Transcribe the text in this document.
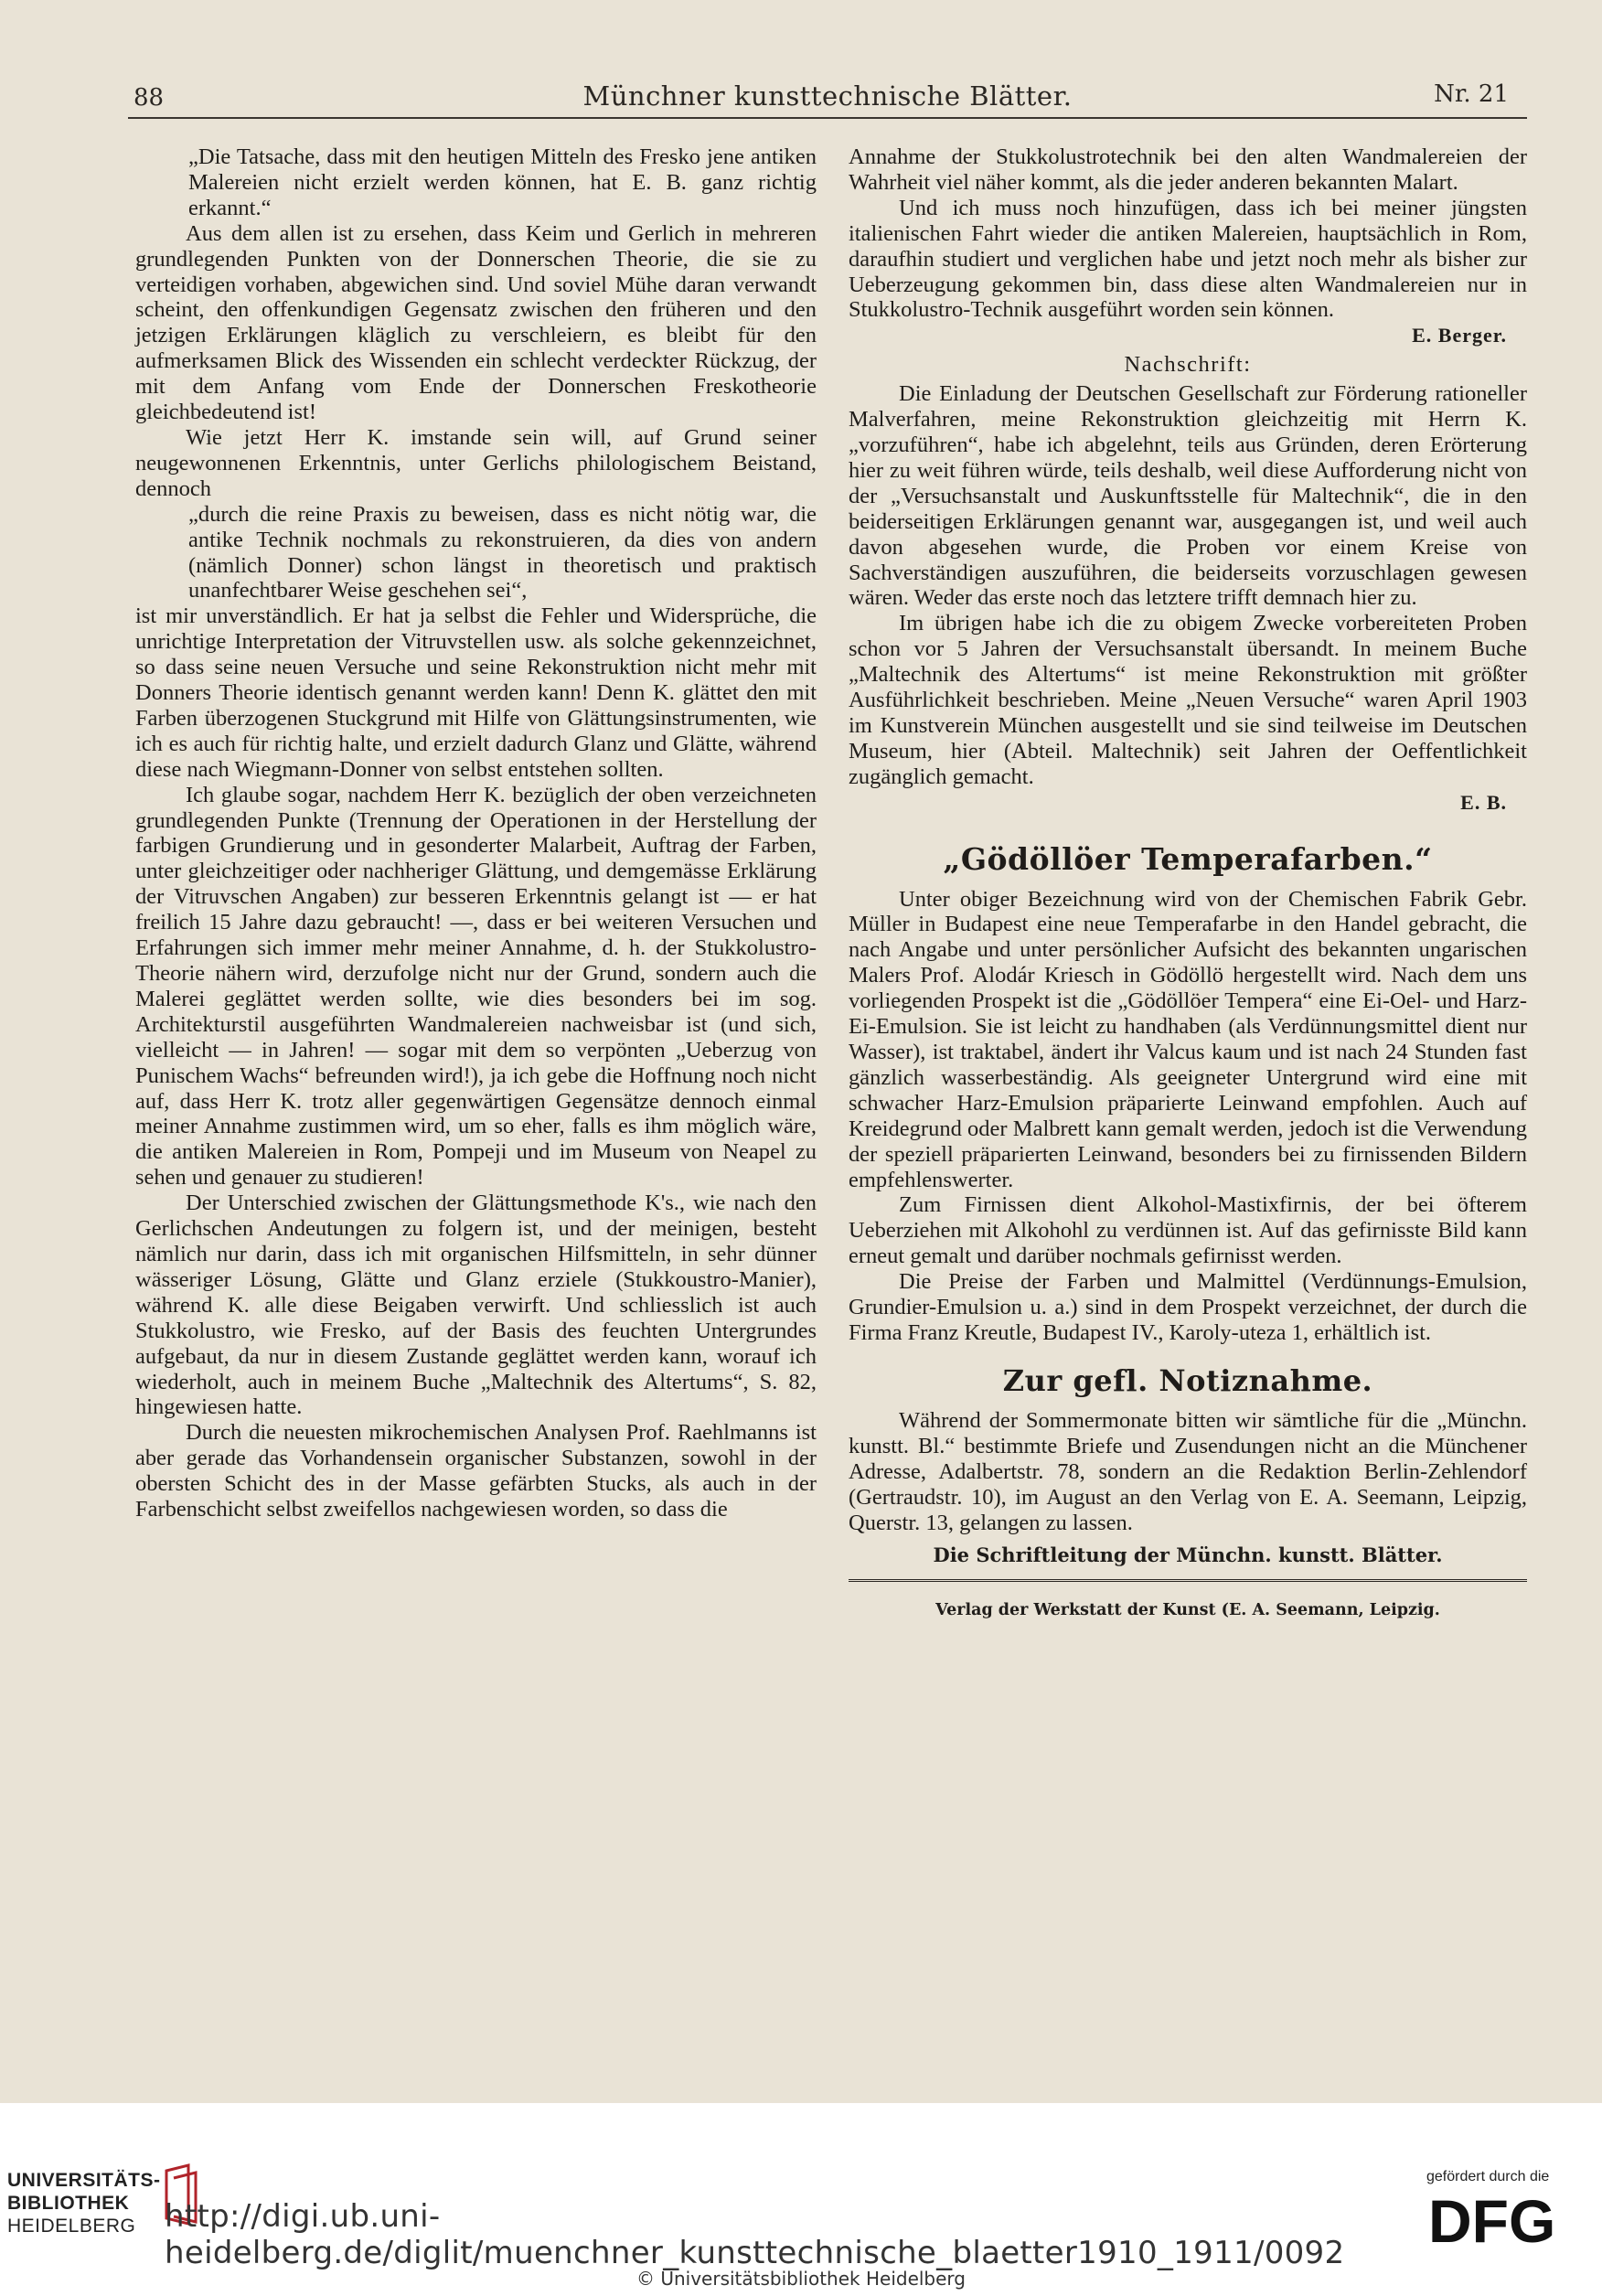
88	Münchner kunsttechnische Blätter.	Nr. 21

„Die Tatsache, dass mit den heutigen Mitteln des Fresko jene antiken Malereien nicht erzielt werden können, hat E. B. ganz richtig erkannt.“

Aus dem allen ist zu ersehen, dass Keim und Gerlich in mehreren grundlegenden Punkten von der Donnerschen Theorie, die sie zu verteidigen vorhaben, abgewichen sind. Und soviel Mühe daran verwandt scheint, den offenkundigen Gegensatz zwischen den früheren und den jetzigen Erklärungen kläglich zu verschleiern, es bleibt für den aufmerksamen Blick des Wissenden ein schlecht verdeckter Rückzug, der mit dem Anfang vom Ende der Donnerschen Freskotheorie gleichbedeutend ist!

Wie jetzt Herr K. imstande sein will, auf Grund seiner neugewonnenen Erkenntnis, unter Gerlichs philologischem Beistand, dennoch

„durch die reine Praxis zu beweisen, dass es nicht nötig war, die antike Technik nochmals zu rekonstruieren, da dies von andern (nämlich Donner) schon längst in theoretisch und praktisch unanfechtbarer Weise geschehen sei“,

ist mir unverständlich. Er hat ja selbst die Fehler und Widersprüche, die unrichtige Interpretation der Vitruvstellen usw. als solche gekennzeichnet, so dass seine neuen Versuche und seine Rekonstruktion nicht mehr mit Donners Theorie identisch genannt werden kann! Denn K. glättet den mit Farben überzogenen Stuckgrund mit Hilfe von Glättungsinstrumenten, wie ich es auch für richtig halte, und erzielt dadurch Glanz und Glätte, während diese nach Wiegmann-Donner von selbst entstehen sollten.

Ich glaube sogar, nachdem Herr K. bezüglich der oben verzeichneten grundlegenden Punkte (Trennung der Operationen in der Herstellung der farbigen Grundierung und in gesonderter Malarbeit, Auftrag der Farben, unter gleichzeitiger oder nachheriger Glättung, und demgemässe Erklärung der Vitruvschen Angaben) zur besseren Erkenntnis gelangt ist — er hat freilich 15 Jahre dazu gebraucht! —, dass er bei weiteren Versuchen und Erfahrungen sich immer mehr meiner Annahme, d. h. der Stukkolustro-Theorie nähern wird, derzufolge nicht nur der Grund, sondern auch die Malerei geglättet werden sollte, wie dies besonders bei im sog. Architekturstil ausgeführten Wandmalereien nachweisbar ist (und sich, vielleicht — in Jahren! — sogar mit dem so verpönten „Ueberzug von Punischem Wachs“ befreunden wird!), ja ich gebe die Hoffnung noch nicht auf, dass Herr K. trotz aller gegenwärtigen Gegensätze dennoch einmal meiner Annahme zustimmen wird, um so eher, falls es ihm möglich wäre, die antiken Malereien in Rom, Pompeji und im Museum von Neapel zu sehen und genauer zu studieren!

Der Unterschied zwischen der Glättungsmethode K's., wie nach den Gerlichschen Andeutungen zu folgern ist, und der meinigen, besteht nämlich nur darin, dass ich mit organischen Hilfsmitteln, in sehr dünner wässeriger Lösung, Glätte und Glanz erziele (Stukkoustro-Manier), während K. alle diese Beigaben verwirft. Und schliesslich ist auch Stukkolustro, wie Fresko, auf der Basis des feuchten Untergrundes aufgebaut, da nur in diesem Zustande geglättet werden kann, worauf ich wiederholt, auch in meinem Buche „Maltechnik des Altertums“, S. 82, hingewiesen hatte.

Durch die neuesten mikrochemischen Analysen Prof. Raehlmanns ist aber gerade das Vorhandensein organischer Substanzen, sowohl in der obersten Schicht des in der Masse gefärbten Stucks, als auch in der Farbenschicht selbst zweifellos nachgewiesen worden, so dass die

Annahme der Stukkolustrotechnik bei den alten Wandmalereien der Wahrheit viel näher kommt, als die jeder anderen bekannten Malart.

Und ich muss noch hinzufügen, dass ich bei meiner jüngsten italienischen Fahrt wieder die antiken Malereien, hauptsächlich in Rom, daraufhin studiert und verglichen habe und jetzt noch mehr als bisher zur Ueberzeugung gekommen bin, dass diese alten Wandmalereien nur in Stukkolustro-Technik ausgeführt worden sein können.

E. Berger.

Nachschrift:

Die Einladung der Deutschen Gesellschaft zur Förderung rationeller Malverfahren, meine Rekonstruktion gleichzeitig mit Herrn K. „vorzuführen“, habe ich abgelehnt, teils aus Gründen, deren Erörterung hier zu weit führen würde, teils deshalb, weil diese Aufforderung nicht von der „Versuchsanstalt und Auskunftsstelle für Maltechnik“, die in den beiderseitigen Erklärungen genannt war, ausgegangen ist, und weil auch davon abgesehen wurde, die Proben vor einem Kreise von Sachverständigen auszuführen, die beiderseits vorzuschlagen gewesen wären. Weder das erste noch das letztere trifft demnach hier zu.

Im übrigen habe ich die zu obigem Zwecke vorbereiteten Proben schon vor 5 Jahren der Versuchsanstalt übersandt. In meinem Buche „Maltechnik des Altertums“ ist meine Rekonstruktion mit größter Ausführlichkeit beschrieben. Meine „Neuen Versuche“ waren April 1903 im Kunstverein München ausgestellt und sie sind teilweise im Deutschen Museum, hier (Abteil. Maltechnik) seit Jahren der Oeffentlichkeit zugänglich gemacht.

E. B.

„Gödöllöer Temperafarben.“

Unter obiger Bezeichnung wird von der Chemischen Fabrik Gebr. Müller in Budapest eine neue Temperafarbe in den Handel gebracht, die nach Angabe und unter persönlicher Aufsicht des bekannten ungarischen Malers Prof. Alodár Kriesch in Gödöllö hergestellt wird. Nach dem uns vorliegenden Prospekt ist die „Gödöllöer Tempera“ eine Ei-Oel- und Harz-Ei-Emulsion. Sie ist leicht zu handhaben (als Verdünnungsmittel dient nur Wasser), ist traktabel, ändert ihr Valcus kaum und ist nach 24 Stunden fast gänzlich wasserbeständig. Als geeigneter Untergrund wird eine mit schwacher Harz-Emulsion präparierte Leinwand empfohlen. Auch auf Kreidegrund oder Malbrett kann gemalt werden, jedoch ist die Verwendung der speziell präparierten Leinwand, besonders bei zu firnissenden Bildern empfehlenswerter.

Zum Firnissen dient Alkohol-Mastixfirnis, der bei öfterem Ueberziehen mit Alkohohl zu verdünnen ist. Auf das gefirnisste Bild kann erneut gemalt und darüber nochmals gefirnisst werden.

Die Preise der Farben und Malmittel (Verdünnungs-Emulsion, Grundier-Emulsion u. a.) sind in dem Prospekt verzeichnet, der durch die Firma Franz Kreutle, Budapest IV., Karoly-uteza 1, erhältlich ist.

Zur gefl. Notiznahme.

Während der Sommermonate bitten wir sämtliche für die „Münchn. kunstt. Bl.“ bestimmte Briefe und Zusendungen nicht an die Münchener Adresse, Adalbertstr. 78, sondern an die Redaktion Berlin-Zehlendorf (Gertraudstr. 10), im August an den Verlag von E. A. Seemann, Leipzig, Querstr. 13, gelangen zu lassen.

Die Schriftleitung der Münchn. kunstt. Blätter.

Verlag der Werkstatt der Kunst (E. A. Seemann, Leipzig.

UNIVERSITÄTS-
BIBLIOTHEK
HEIDELBERG http://digi.ub.uni-heidelberg.de/diglit/muenchner_kunsttechnische_blaetter1910_1911/0092
© Universitätsbibliothek Heidelberg
gefördert durch die
DFG
